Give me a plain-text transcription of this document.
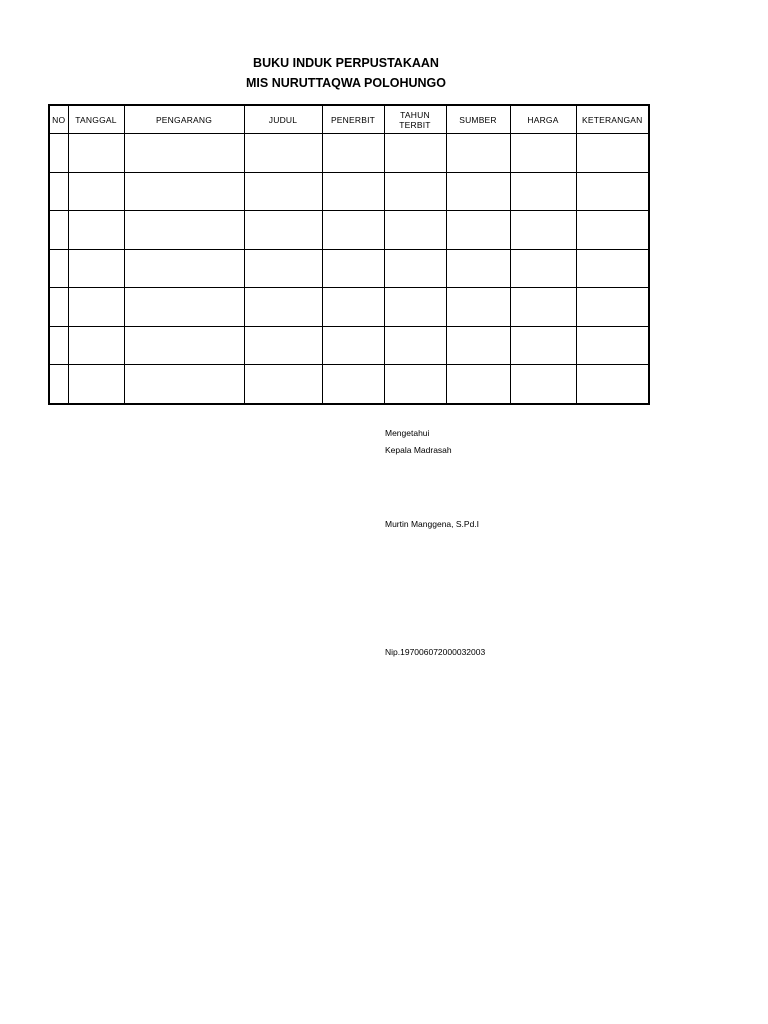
BUKU INDUK PERPUSTAKAAN
MIS NURUTTAQWA POLOHUNGO
NO	TANGGAL	PENGARANG	JUDUL	PENERBIT	TAHUN TERBIT	SUMBER	HARGA	KETERANGAN

Mengetahui
Kepala Madrasah
Murtin Manggena, S.Pd.I
Nip.197006072000032003
